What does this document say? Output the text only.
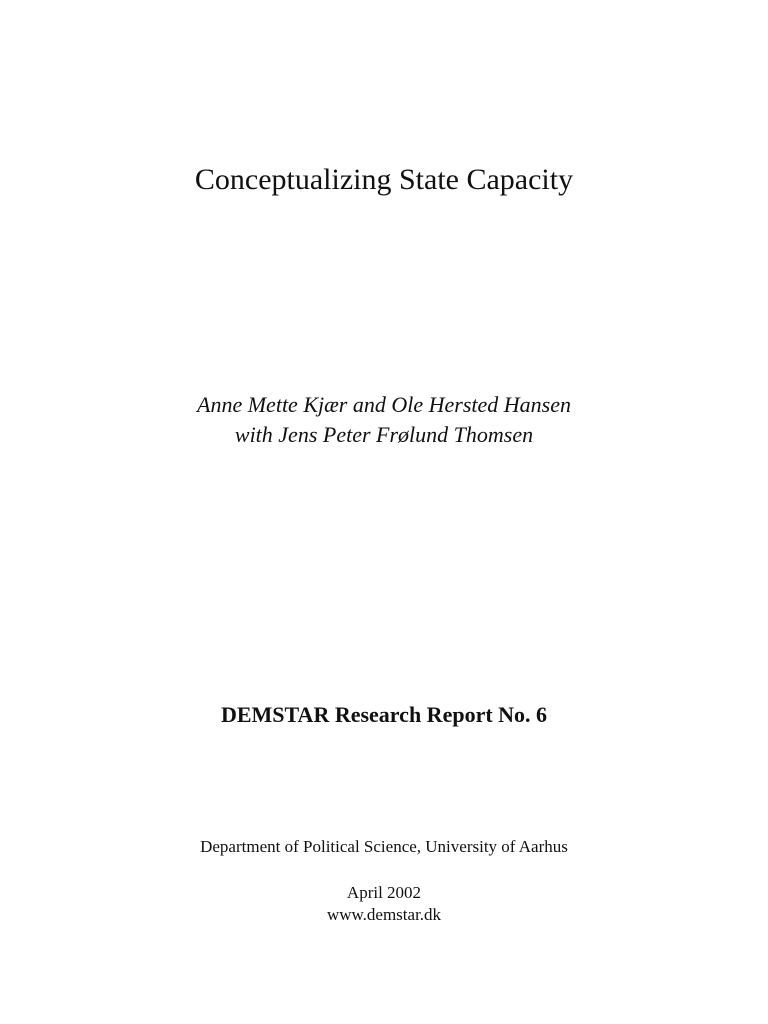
Conceptualizing State Capacity
Anne Mette Kjær and Ole Hersted Hansen
with Jens Peter Frølund Thomsen
DEMSTAR Research Report No. 6
Department of Political Science, University of Aarhus
April 2002
www.demstar.dk
